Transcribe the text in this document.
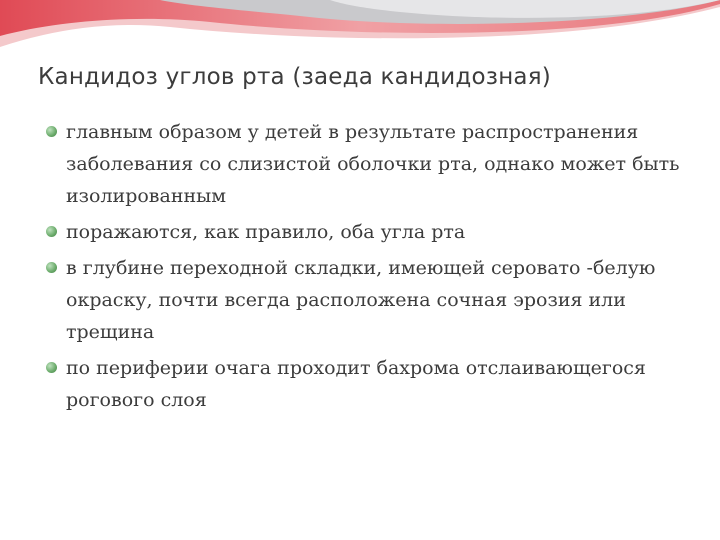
Кандидоз углов рта (заеда кандидозная)
главным образом у детей в результате распространения заболевания со слизистой оболочки рта, однако может быть изолированным
поражаются, как правило, оба угла рта
в глубине переходной складки, имеющей серовато -белую окраску, почти всегда расположена сочная эрозия или трещина
по периферии очага проходит бахрома отслаивающегося рогового слоя
